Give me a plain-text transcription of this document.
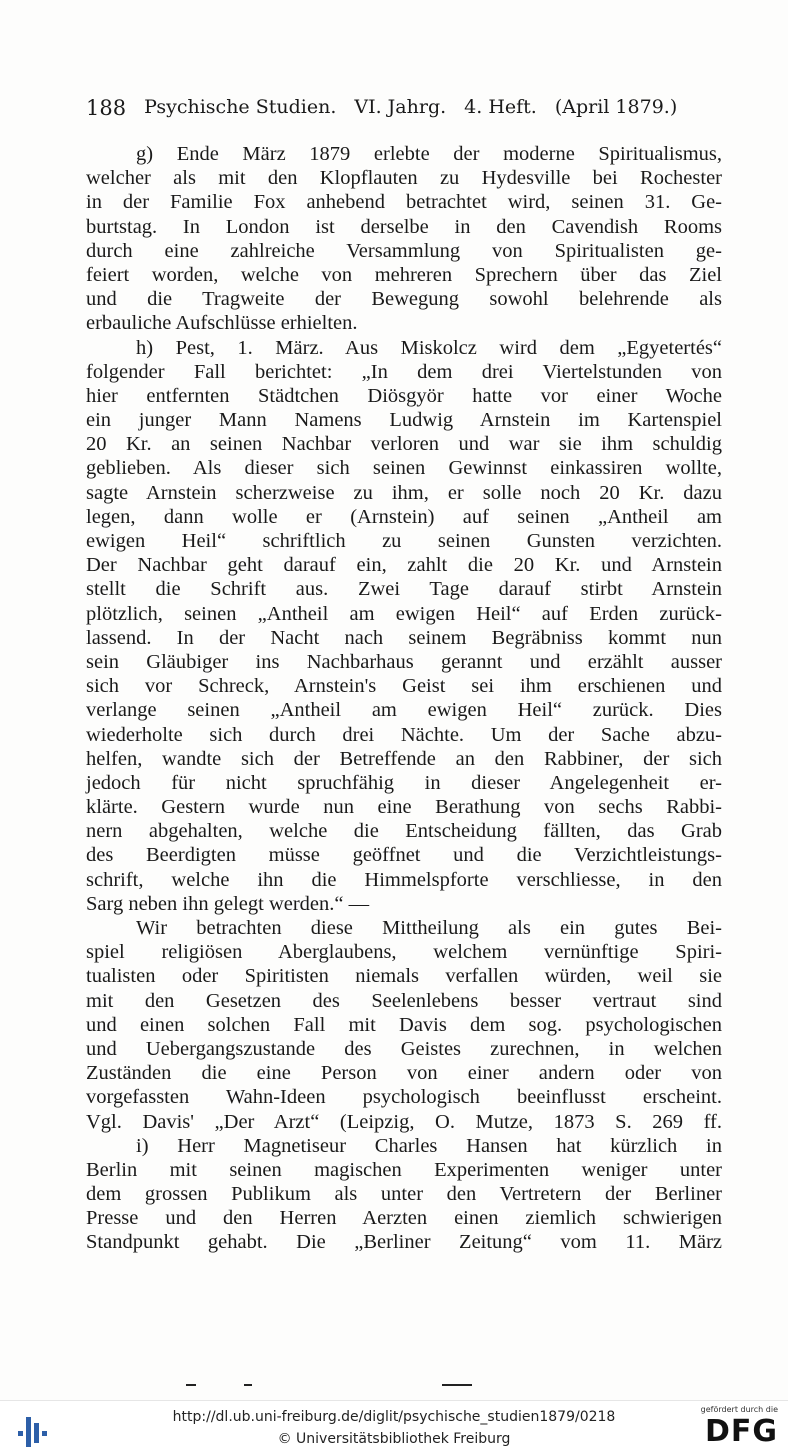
188 Psychische Studien. VI. Jahrg. 4. Heft. (April 1879.)
g) Ende März 1879 erlebte der moderne Spiritualismus,
welcher als mit den Klopflauten zu Hydesville bei Rochester
in der Familie Fox anhebend betrachtet wird, seinen 31. Ge-
burtstag. In London ist derselbe in den Cavendish Rooms
durch eine zahlreiche Versammlung von Spiritualisten ge-
feiert worden, welche von mehreren Sprechern über das Ziel
und die Tragweite der Bewegung sowohl belehrende als
erbauliche Aufschlüsse erhielten.
h) Pest, 1. März. Aus Miskolcz wird dem „Egyetertés“
folgender Fall berichtet: „In dem drei Viertelstunden von
hier entfernten Städtchen Diösgyör hatte vor einer Woche
ein junger Mann Namens Ludwig Arnstein im Kartenspiel
20 Kr. an seinen Nachbar verloren und war sie ihm schuldig
geblieben. Als dieser sich seinen Gewinnst einkassiren wollte,
sagte Arnstein scherzweise zu ihm, er solle noch 20 Kr. dazu
legen, dann wolle er (Arnstein) auf seinen „Antheil am
ewigen Heil“ schriftlich zu seinen Gunsten verzichten.
Der Nachbar geht darauf ein, zahlt die 20 Kr. und Arnstein
stellt die Schrift aus. Zwei Tage darauf stirbt Arnstein
plötzlich, seinen „Antheil am ewigen Heil“ auf Erden zurück-
lassend. In der Nacht nach seinem Begräbniss kommt nun
sein Gläubiger ins Nachbarhaus gerannt und erzählt ausser
sich vor Schreck, Arnstein's Geist sei ihm erschienen und
verlange seinen „Antheil am ewigen Heil“ zurück. Dies
wiederholte sich durch drei Nächte. Um der Sache abzu-
helfen, wandte sich der Betreffende an den Rabbiner, der sich
jedoch für nicht spruchfähig in dieser Angelegenheit er-
klärte. Gestern wurde nun eine Berathung von sechs Rabbi-
nern abgehalten, welche die Entscheidung fällten, das Grab
des Beerdigten müsse geöffnet und die Verzichtleistungs-
schrift, welche ihn die Himmelspforte verschliesse, in den
Sarg neben ihn gelegt werden.“ —
Wir betrachten diese Mittheilung als ein gutes Bei-
spiel religiösen Aberglaubens, welchem vernünftige Spiri-
tualisten oder Spiritisten niemals verfallen würden, weil sie
mit den Gesetzen des Seelenlebens besser vertraut sind
und einen solchen Fall mit Davis dem sog. psychologischen
und Uebergangszustande des Geistes zurechnen, in welchen
Zuständen die eine Person von einer andern oder von
vorgefassten Wahn-Ideen psychologisch beeinflusst erscheint.
Vgl. Davis' „Der Arzt“ (Leipzig, O. Mutze, 1873 S. 269 ff.
i) Herr Magnetiseur Charles Hansen hat kürzlich in
Berlin mit seinen magischen Experimenten weniger unter
dem grossen Publikum als unter den Vertretern der Berliner
Presse und den Herren Aerzten einen ziemlich schwierigen
Standpunkt gehabt. Die „Berliner Zeitung“ vom 11. März
http://dl.ub.uni-freiburg.de/diglit/psychische_studien1879/0218
© Universitätsbibliothek Freiburg
gefördert durch die
DFG
